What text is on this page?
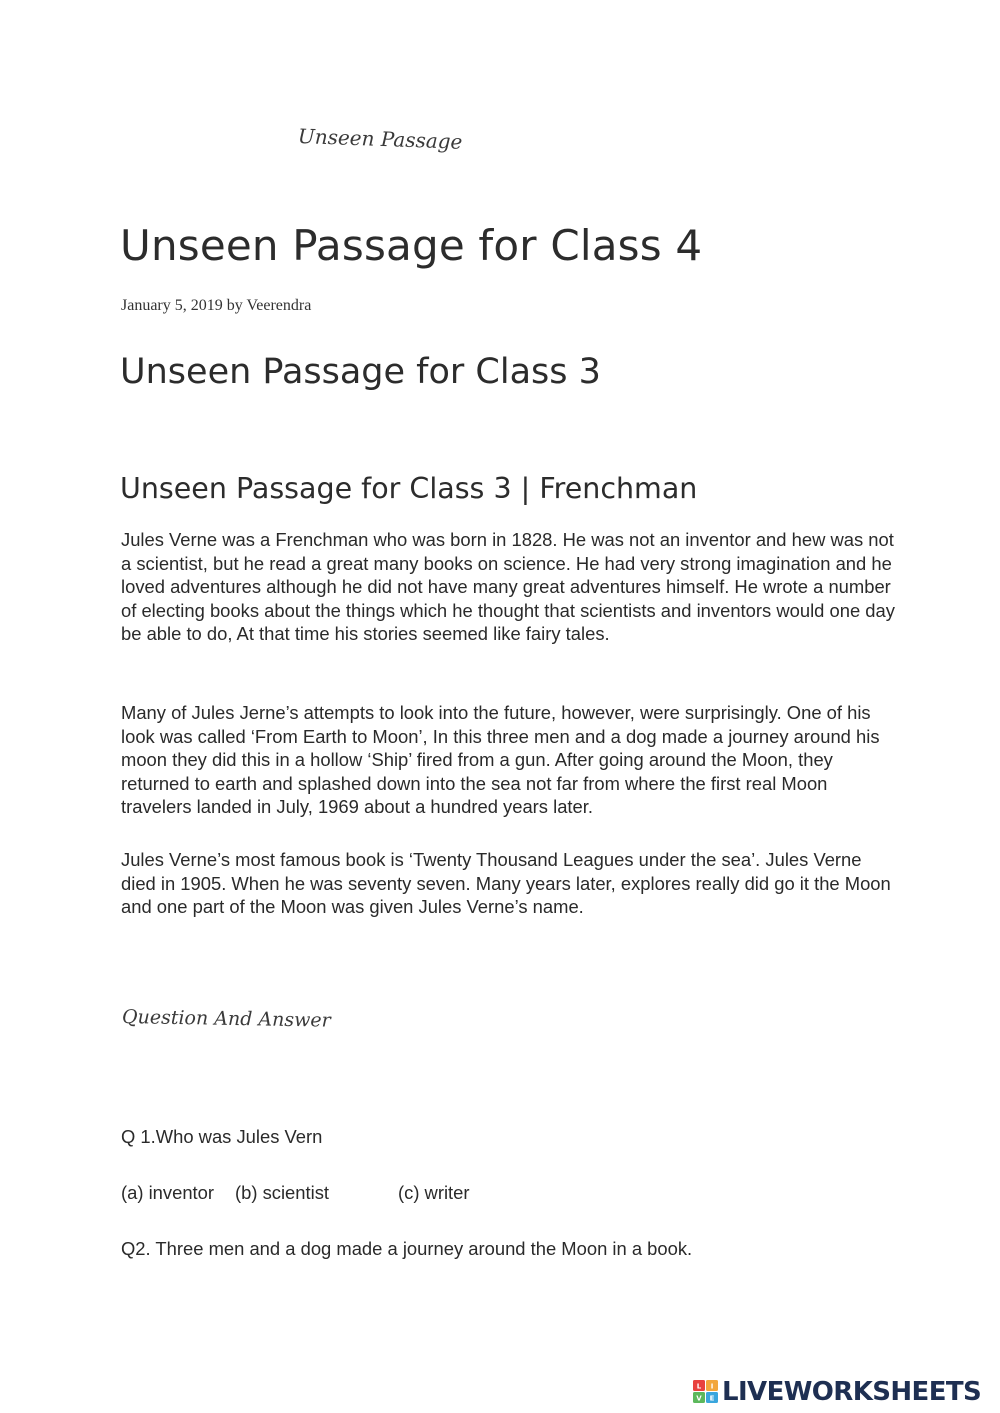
Unseen Passage
Unseen Passage for Class 4
January 5, 2019 by Veerendra
Unseen Passage for Class 3
Unseen Passage for Class 3 | Frenchman

Jules Verne was a Frenchman who was born in 1828. He was not an inventor and hew was not a scientist, but he read a great many books on science. He had very strong imagination and he loved adventures although he did not have many great adventures himself. He wrote a number of electing books about the things which he thought that scientists and inventors would one day be able to do, At that time his stories seemed like fairy tales.

Many of Jules Jerne’s attempts to look into the future, however, were surprisingly. One of his look was called ‘From Earth to Moon’, In this three men and a dog made a journey around his moon they did this in a hollow ‘Ship’ fired from a gun. After going around the Moon, they returned to earth and splashed down into the sea not far from where the first real Moon travelers landed in July, 1969 about a hundred years later.

Jules Verne’s most famous book is ‘Twenty Thousand Leagues under the sea’. Jules Verne died in 1905. When he was seventy seven. Many years later, explores really did go it the Moon and one part of the Moon was given Jules Verne’s name.

Question And Answer
Q 1.Who was Jules Vern
(a) inventor (b) scientist	(c) writer
Q2. Three men and a dog made a journey around the Moon in a book.
L I
V E LIVEWORKSHEETS
